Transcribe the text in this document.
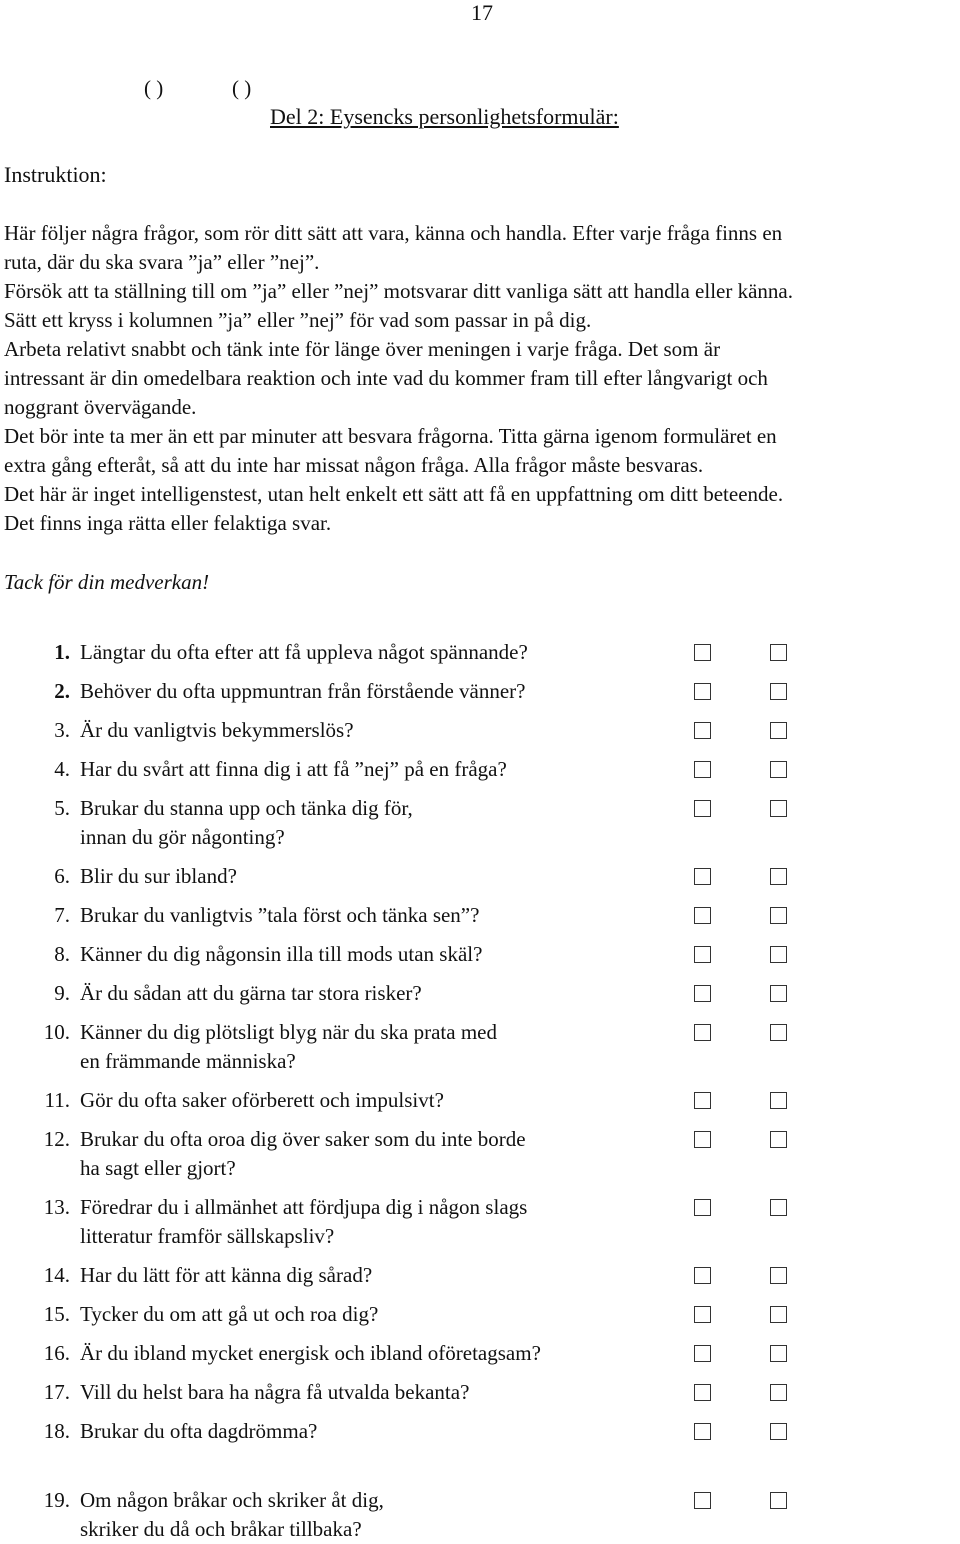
17
( )	( )
Del 2: Eysencks personlighetsformulär:
Instruktion:
Här följer några frågor, som rör ditt sätt att vara, känna och handla. Efter varje fråga finns en
ruta, där du ska svara ”ja” eller ”nej”.
Försök att ta ställning till om ”ja” eller ”nej” motsvarar ditt vanliga sätt att handla eller känna.
Sätt ett kryss i kolumnen ”ja” eller ”nej” för vad som passar in på dig.
Arbeta relativt snabbt och tänk inte för länge över meningen i varje fråga. Det som är
intressant är din omedelbara reaktion och inte vad du kommer fram till efter långvarigt och
noggrant övervägande.
Det bör inte ta mer än ett par minuter att besvara frågorna. Titta gärna igenom formuläret en
extra gång efteråt, så att du inte har missat någon fråga. Alla frågor måste besvaras.
Det här är inget intelligenstest, utan helt enkelt ett sätt att få en uppfattning om ditt beteende.
Det finns inga rätta eller felaktiga svar.
Tack för din medverkan!
1. Längtar du ofta efter att få uppleva något spännande?
2. Behöver du ofta uppmuntran från förstående vänner?
3. Är du vanligtvis bekymmerslös?
4. Har du svårt att finna dig i att få ”nej” på en fråga?
5. Brukar du stanna upp och tänka dig för,
innan du gör någonting?
6. Blir du sur ibland?
7. Brukar du vanligtvis ”tala först och tänka sen”?
8. Känner du dig någonsin illa till mods utan skäl?
9. Är du sådan att du gärna tar stora risker?
10. Känner du dig plötsligt blyg när du ska prata med
en främmande människa?
11. Gör du ofta saker oförberett och impulsivt?
12. Brukar du ofta oroa dig över saker som du inte borde
ha sagt eller gjort?
13. Föredrar du i allmänhet att fördjupa dig i någon slags
litteratur framför sällskapsliv?
14. Har du lätt för att känna dig sårad?
15. Tycker du om att gå ut och roa dig?
16. Är du ibland mycket energisk och ibland oföretagsam?
17. Vill du helst bara ha några få utvalda bekanta?
18. Brukar du ofta dagdrömma?
19. Om någon bråkar och skriker åt dig,
skriker du då och bråkar tillbaka?
